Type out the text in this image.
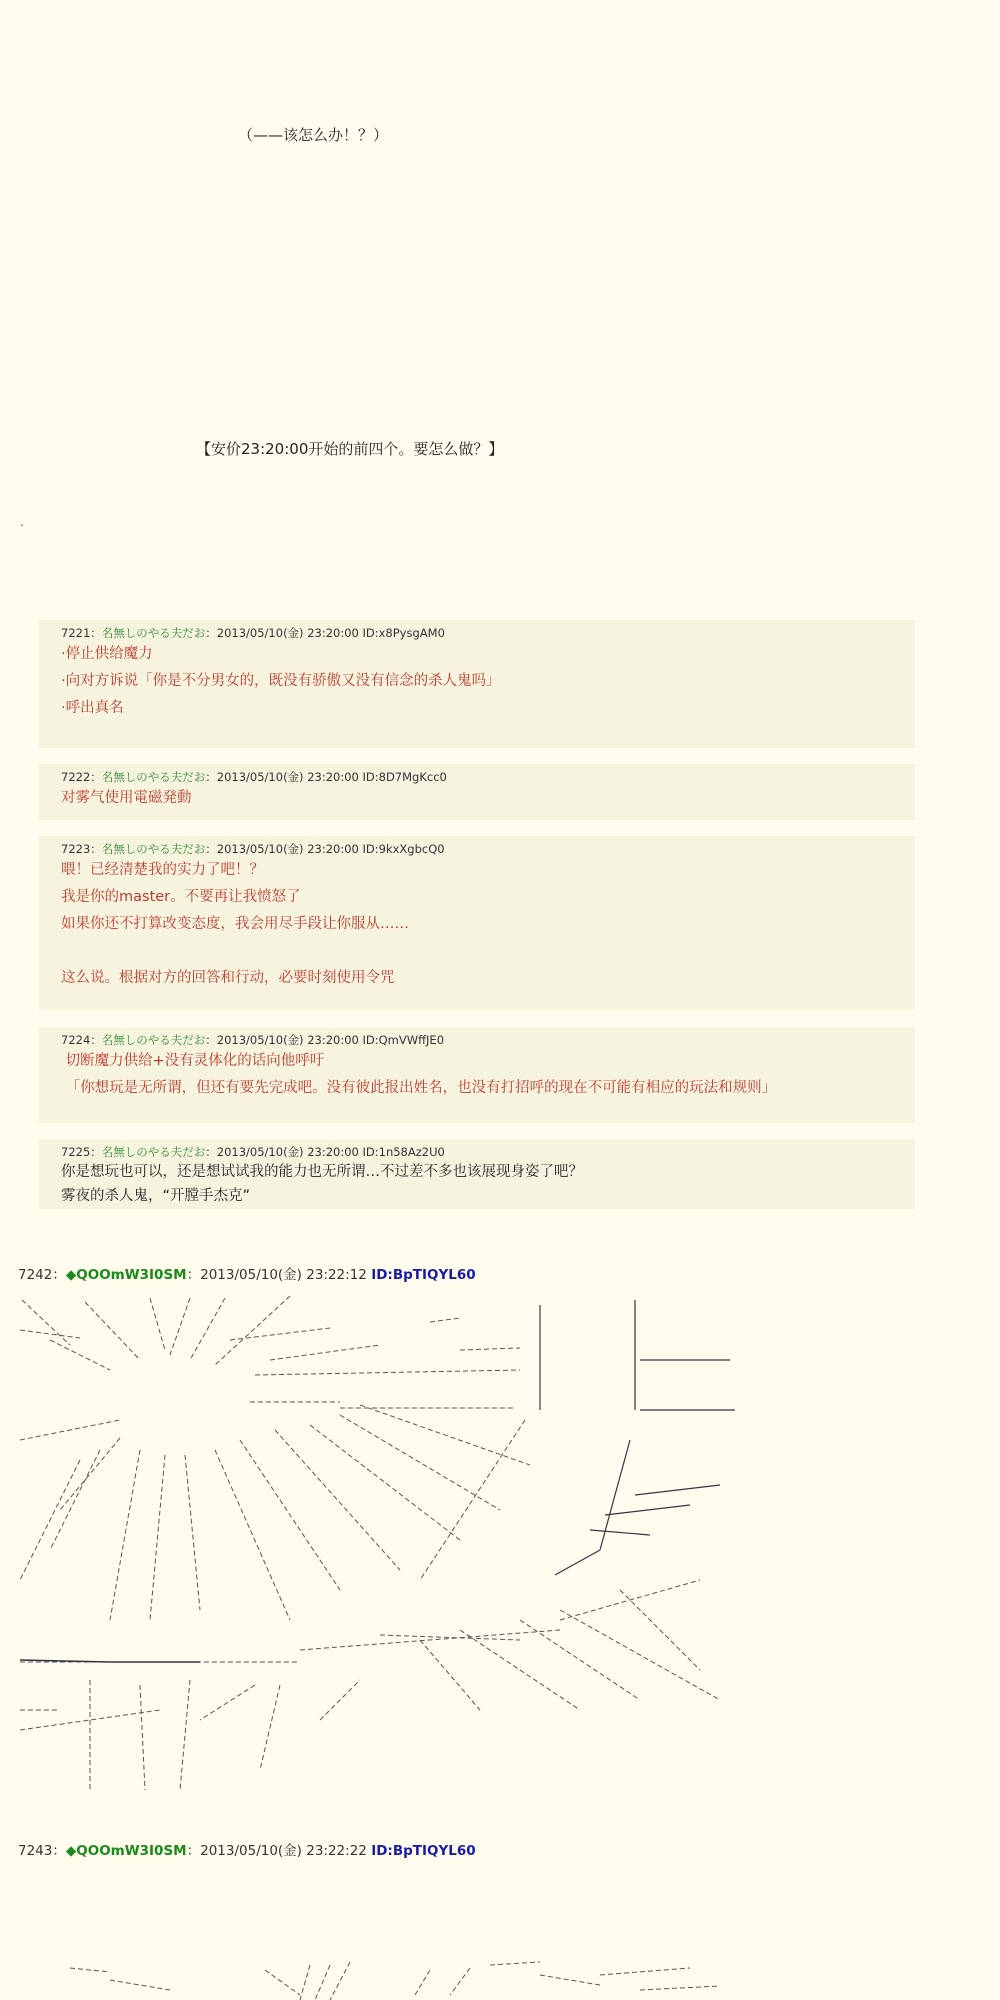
（——该怎么办！？）
【安价23:20:00开始的前四个。要怎么做？】
.
7221：名無しのやる夫だお：2013/05/10(金) 23:20:00 ID:x8PysgAM0
·停止供给魔力
·向对方诉说「你是不分男女的，既没有骄傲又没有信念的杀人鬼吗」
·呼出真名
7222：名無しのやる夫だお：2013/05/10(金) 23:20:00 ID:8D7MgKcc0
对雾气使用電磁発動
7223：名無しのやる夫だお：2013/05/10(金) 23:20:00 ID:9kxXgbcQ0
喂！已经清楚我的实力了吧！？
我是你的master。不要再让我愤怒了
如果你还不打算改变态度，我会用尽手段让你服从……
这么说。根据对方的回答和行动，必要时刻使用令咒
7224：名無しのやる夫だお：2013/05/10(金) 23:20:00 ID:QmVWffJE0
切断魔力供给+没有灵体化的话向他呼吁
「你想玩是无所谓，但还有要先完成吧。没有彼此报出姓名，也没有打招呼的现在不可能有相应的玩法和规则」
7225：名無しのやる夫だお：2013/05/10(金) 23:20:00 ID:1n58Az2U0
你是想玩也可以，还是想试试我的能力也无所谓…不过差不多也该展现身姿了吧？
雾夜的杀人鬼，“开膛手杰克”
7242：◆QOOmW3I0SM：2013/05/10(金) 23:22:12 ID:BpTIQYL60
7243：◆QOOmW3I0SM：2013/05/10(金) 23:22:22 ID:BpTIQYL60
